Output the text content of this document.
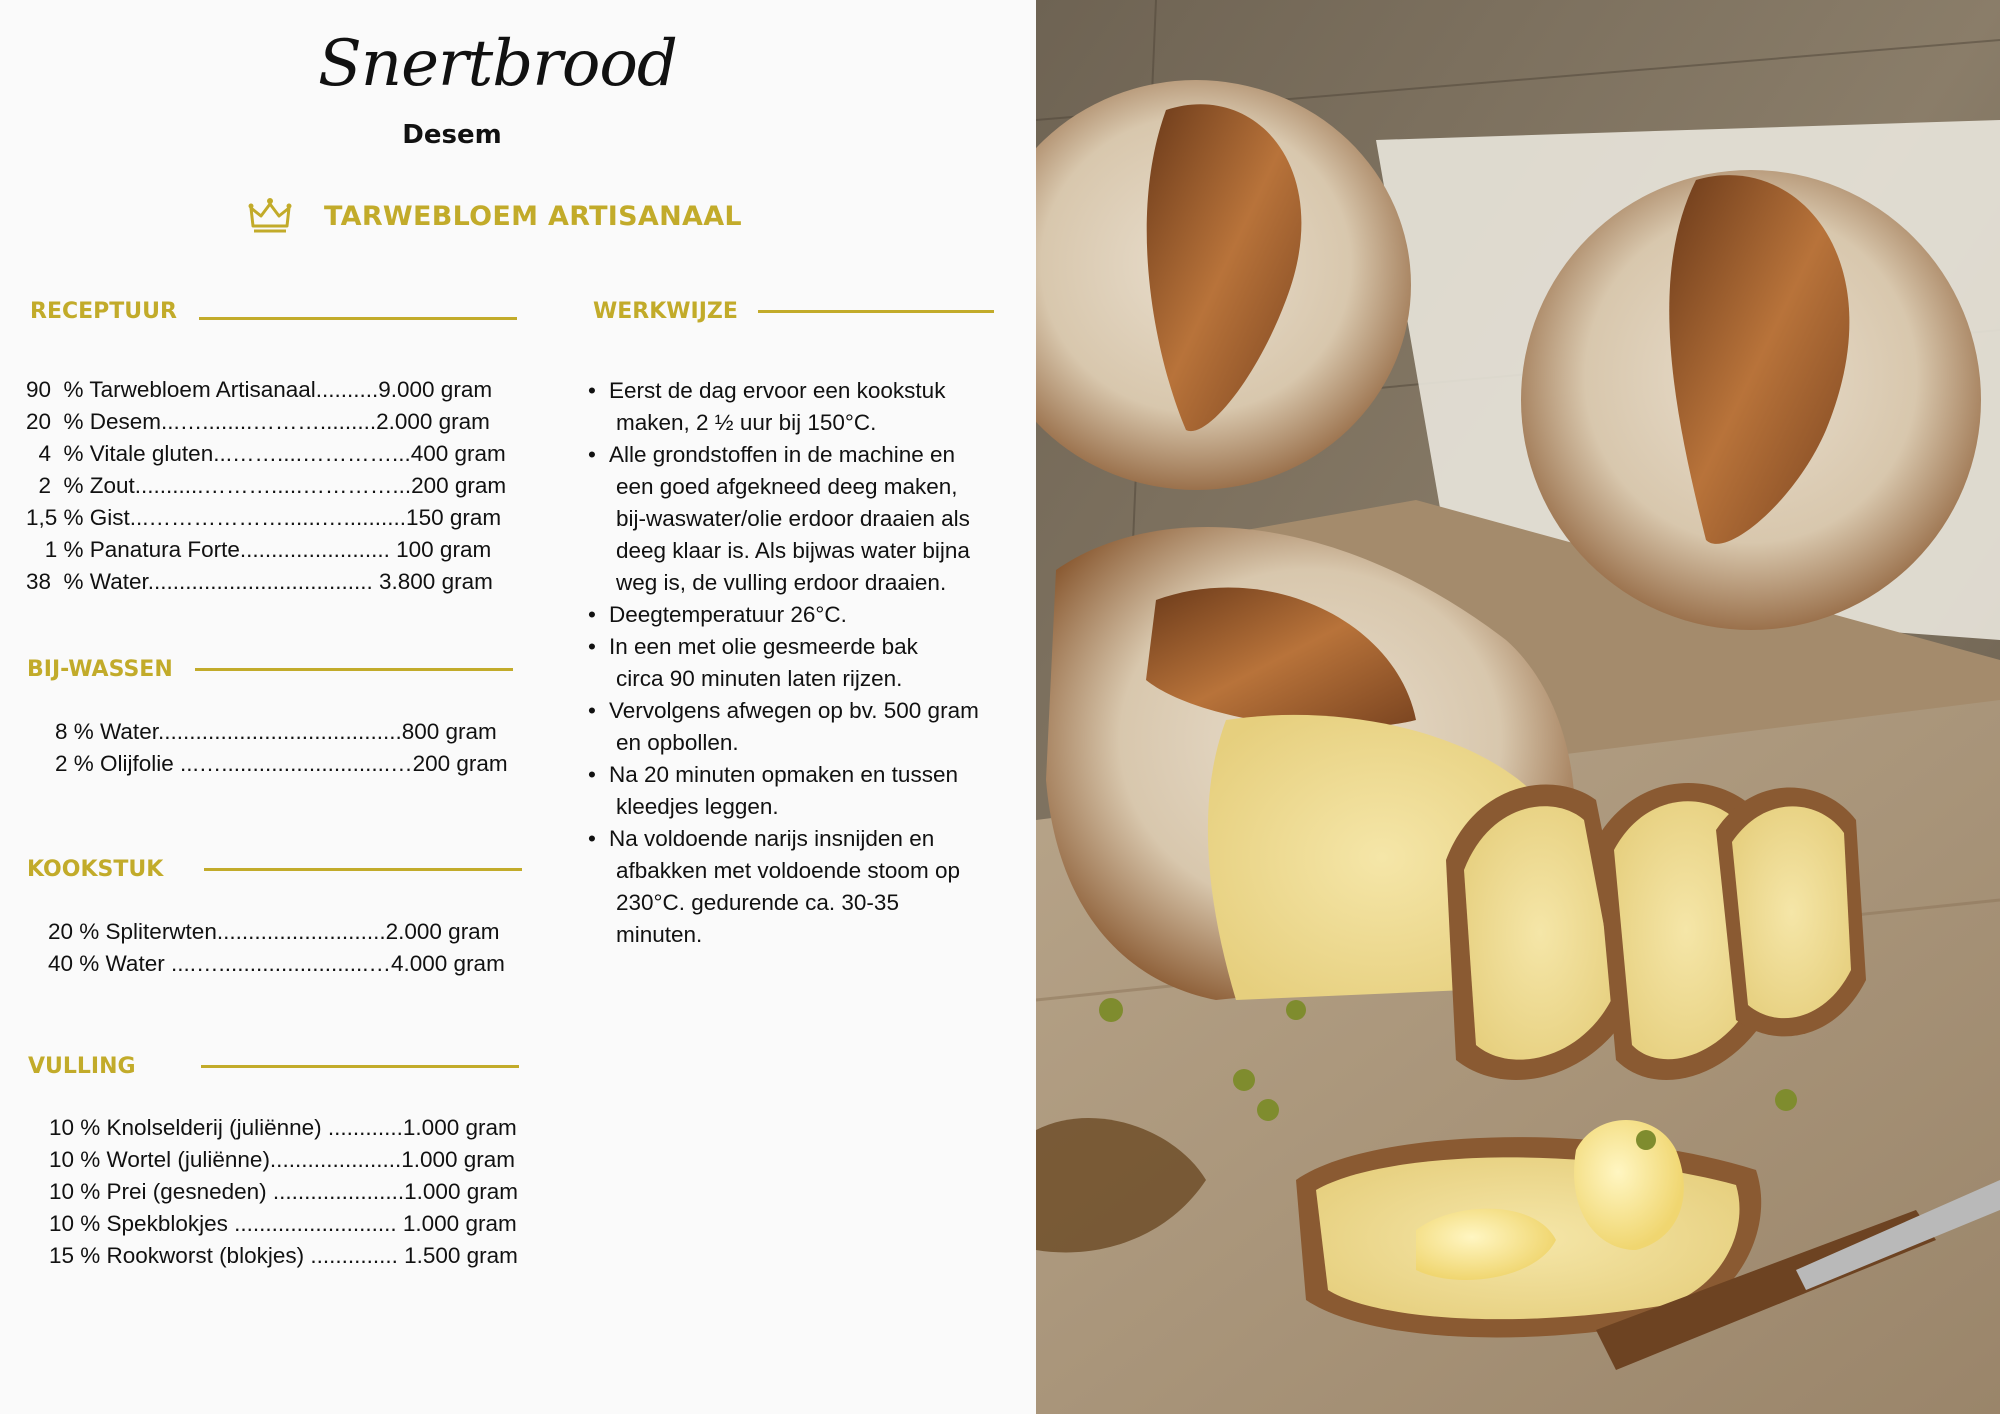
Snertbrood
Desem
TARWEBLOEM ARTISANAAL
RECEPTUUR
90  % Tarwebloem Artisanaal..........9.000 gram
20  % Desem...…........……….........2.000 gram
4  % Vitale gluten...……....…………...400 gram
2  % Zout...........……….....…………...200 gram
1,5 % Gist...………………......…..........150 gram
1 % Panatura Forte........................ 100 gram
38  % Water.................................... 3.800 gram
BIJ-WASSEN
8 % Water.......................................800 gram
2 % Olijfolie ...…...........................…200 gram
KOOKSTUK
20 % Spliterwten...........................2.000 gram
40 % Water ....…........................…4.000 gram
VULLING
10 % Knolselderij (juliënne) ............1.000 gram
10 % Wortel (juliënne).....................1.000 gram
10 % Prei (gesneden) .....................1.000 gram
10 % Spekblokjes .......................... 1.000 gram
15 % Rookworst (blokjes) .............. 1.500 gram
WERKWIJZE
• Eerst de dag ervoor een kookstuk
maken, 2 ½ uur bij 150°C.
• Alle grondstoffen in de machine en
een goed afgekneed deeg maken,
bij-waswater/olie erdoor draaien als
deeg klaar is. Als bijwas water bijna
weg is, de vulling erdoor draaien.
• Deegtemperatuur 26°C.
• In een met olie gesmeerde bak
circa 90 minuten laten rijzen.
• Vervolgens afwegen op bv. 500 gram
en opbollen.
• Na 20 minuten opmaken en tussen
kleedjes leggen.
• Na voldoende narijs insnijden en
afbakken met voldoende stoom op
230°C. gedurende ca. 30-35
minuten.
